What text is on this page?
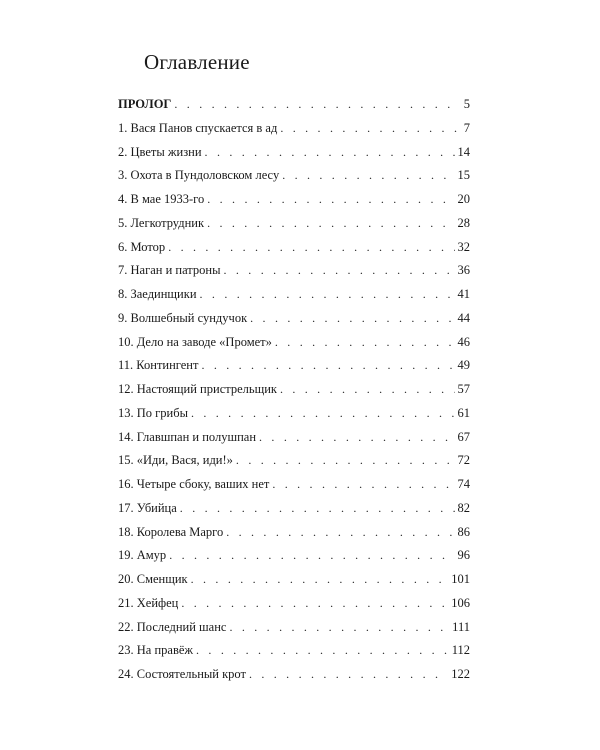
Оглавление
ПРОЛОГ . . .	5
1. Вася Панов спускается в ад . . .	7
2. Цветы жизни . . .	14
3. Охота в Пундоловском лесу . . .	15
4. В мае 1933-го . . .	20
5. Легкотрудник . . .	28
6. Мотор . . .	32
7. Наган и патроны . . .	36
8. Заединщики . . .	41
9. Волшебный сундучок . . .	44
10. Дело на заводе «Промет» . . .	46
11. Контингент . . .	49
12. Настоящий пристрельщик . . .	57
13. По грибы . . .	61
14. Главшпан и полушпан . . .	67
15. «Иди, Вася, иди!» . . .	72
16. Четыре сбоку, ваших нет . . .	74
17. Убийца . . .	82
18. Королева Марго . . .	86
19. Амур . . .	96
20. Сменщик . . .	101
21. Хейфец . . .	106
22. Последний шанс . . .	111
23. На правёж . . .	112
24. Состоятельный крот . . .	122
